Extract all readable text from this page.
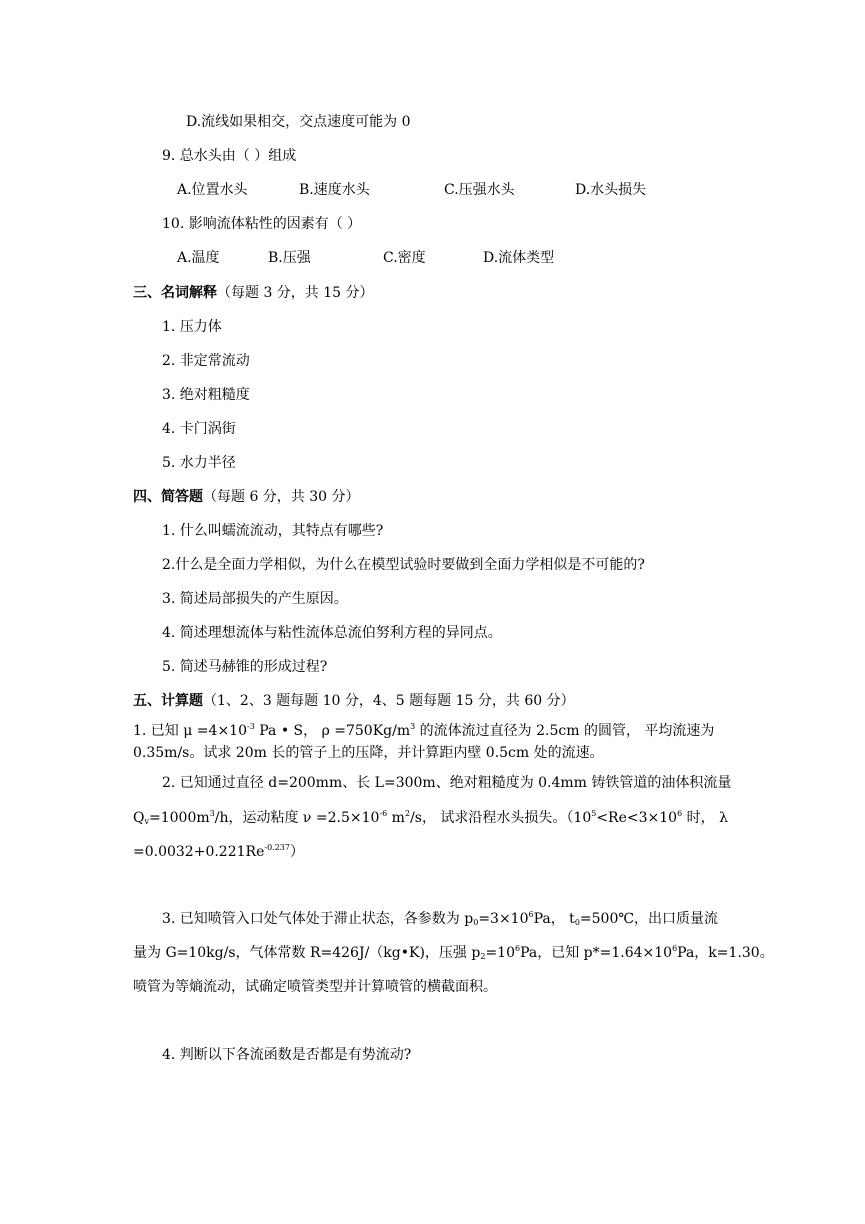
D.流线如果相交，交点速度可能为 0
9. 总水头由（ ）组成
A.位置水头	B.速度水头	C.压强水头	D.水头损失
10. 影响流体粘性的因素有（ ）
A.温度	B.压强	C.密度	D.流体类型
三、名词解释（每题 3 分，共 15 分）
1. 压力体
2. 非定常流动
3. 绝对粗糙度
4. 卡门涡街
5. 水力半径
四、简答题（每题 6 分，共 30 分）
1. 什么叫蠕流流动，其特点有哪些?
2.什么是全面力学相似，为什么在模型试验时要做到全面力学相似是不可能的?
3. 简述局部损失的产生原因。
4. 简述理想流体与粘性流体总流伯努利方程的异同点。
5. 简述马赫锥的形成过程?
五、计算题（1、2、3 题每题 10 分，4、5 题每题 15 分，共 60 分）
1. 已知 $\mu =4\times 10^{-3}$ Pa • S， $\rho =750Kg/m^3$ 的流体流过直径为 2.5cm 的圆管， 平均流速为
0.35m/s。试求 20m 长的管子上的压降，并计算距内壁 0.5cm 处的流速。
2. 已知通过直径 d=200mm、长 L=300m、绝对粗糙度为 0.4mm 铸铁管道的油体积流量
$Q_v=1000m^3/h$，运动粘度 $\nu =2.5\times 10^{-6}$ $m^2/s$， 试求沿程水头损失。（$10^5<Re<3\times 10^6$ 时， λ
$=0.0032+0.221Re^{-0.237}$）
3. 已知喷管入口处气体处于滞止状态，各参数为 $p_0=3\times 10^6Pa$， $t_0=500℃$，出口质量流
量为 G=10kg/s，气体常数 R=426J/（kg•K)，压强 $p_2=10^6Pa$，已知 $p*=1.64\times 10^6Pa$，k=1.30。
喷管为等熵流动，试确定喷管类型并计算喷管的横截面积。
4. 判断以下各流函数是否都是有势流动?
